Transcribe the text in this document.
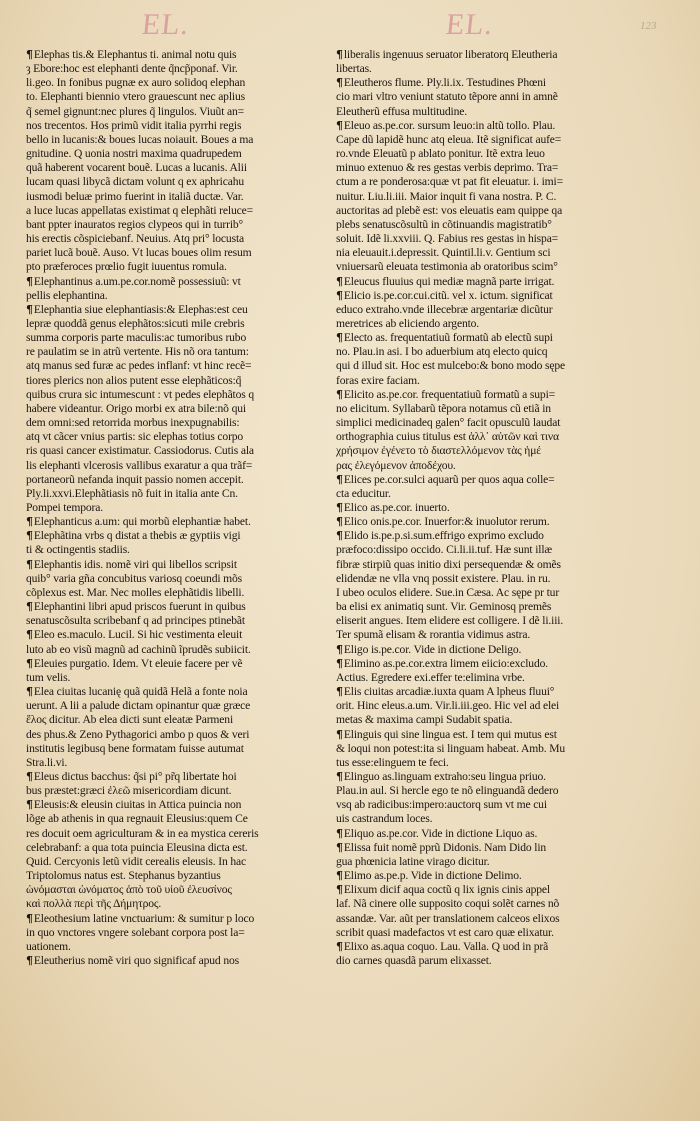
EL.	EL.	123

¶Elephas tis.& Elephantus ti. animal notu quis

ȝ Ebore:hoc est elephanti dente q̃ncp̃ponaf. Vir.

li.geo. In fonibus pugnæ ex auro solidoq elephan

to. Elephanti biennio vtero grauescunt nec aplius

q̃ semel gignunt:nec plures q̃ lingulos. Viuũt an=

nos trecentos. Hos primũ vidit italia pyrrhi regis

bello in lucanis:& boues lucas noiauit. Boues a ma

gnitudine. Q uonia nostri maxima quadrupedem

quã haberent vocarent bouẽ. Lucas a lucanis. Alii

lucam quasi libycã dictam volunt q ex aphricahu

iusmodi beluæ primo fuerint in italiã ductæ. Var.

a luce lucas appellatas existimat q elephãti reluce=

bant ppter inauratos regios clypeos qui in turrib°

his erectis cõspiciebanf. Neuius. Atq pri° locusta

pariet lucã bouẽ. Auso. Vt lucas boues olim resum

pto præferoces prœlio fugit iuuentus romula.

¶Elephantinus a.um.pe.cor.nomẽ possessiuũ: vt

pellis elephantina.

¶Elephantia siue elephantiasis:& Elephas:est ceu

lepræ quoddã genus elephãtos:sicuti mile crebris

summa corporis parte maculis:ac tumoribus rubo

re paulatim se in atrũ vertente. His nõ ora tantum:

atq manus sed furæ ac pedes inflanf: vt hinc recẽ=

tiores plerics non alios putent esse elephãticos:q̃

quibus crura sic intumescunt : vt pedes elephãtos q

habere videantur. Origo morbi ex atra bile:nõ qui

dem omni:sed retorrida morbus inexpugnabilis:

atq vt cãcer vnius partis: sic elephas totius corpo

ris quasi cancer existimatur. Cassiodorus. Cutis ala

lis elephanti vlcerosis vallibus exaratur a qua trãf=

portaneorũ nefanda inquit passio nomen accepit.

Ply.li.xxvi.Elephãtiasis nõ fuit in italia ante Cn.

Pompei tempora.

¶Elephanticus a.um: qui morbũ elephantiæ habet.

¶Elephãtina vrbs q distat a thebis æ gyptiis vigi

ti & octingentis stadiis.

¶Elephantis idis. nomẽ viri qui libellos scripsit

quib° varia gña concubitus variosq coeundi mõs

cõplexus est. Mar. Nec molles elephãtidis libelli.

¶Elephantini libri apud priscos fuerunt in quibus

senatuscõsulta scribebanf q ad principes ptinebãt

¶Eleo es.maculo. Lucil. Si hic vestimenta eleuit

luto ab eo visũ magnũ ad cachinũ ĩprudẽs subiicit.

¶Eleuies purgatio. Idem. Vt eleuie facere per vẽ

tum velis.

¶Elea ciuitas lucanię quã quidã Helã a fonte noia

uerunt. A lii a palude dictam opinantur quæ græce

ἕλος dicitur. Ab elea dicti sunt eleatæ Parmeni

des phus.& Zeno Pythagorici ambo p quos & veri

institutis legibusq bene formatam fuisse autumat

Stra.li.vi.

¶Eleus dictus bacchus: q̃si pi° pr̃q libertate hoi

bus præstet:græci ἐλεῶ misericordiam dicunt.

¶Eleusis:& eleusin ciuitas in Attica puincia non

lõge ab athenis in qua regnauit Eleusius:quem Ce

res docuit oem agriculturam & in ea mystica cereris

celebrabanf: a qua tota puincia Eleusina dicta est.

Quid. Cercyonis letũ vidit cerealis eleusis. In hac

Triptolomus natus est. Stephanus byzantius

ὠνόμασται ὡνόματος ἀπὸ τοῦ υἱοῦ ἐλευσίνος

καὶ πολλὰ περὶ τῆς Δήμητρος.

¶Eleothesium latine vnctuarium: & sumitur p loco

in quo vnctores vngere solebant corpora post la=

uationem.

¶Eleutherius nomẽ viri quo significaf apud nos

¶liberalis ingenuus seruator liberatorq Eleutheria

libertas.

¶Eleutheros flume. Ply.li.ix. Testudines Phœni

cio mari vltro veniunt statuto tẽpore anni in amnẽ

Eleutherũ effusa multitudine.

¶Eleuo as.pe.cor. sursum leuo:in altũ tollo. Plau.

Cape dũ lapidẽ hunc atq eleua. Itẽ significat aufe=

ro.vnde Eleuatũ p ablato ponitur. Itẽ extra leuo

minuo extenuo & res gestas verbis deprimo. Tra=

ctum a re ponderosa:quæ vt pat fit eleuatur. i. imi=

nuitur. Liu.li.iii. Maior inquit fi vana nostra. P. C.

auctoritas ad plebẽ est: vos eleuatis eam quippe qa

plebs senatuscõsultũ in cõtinuandis magistratib°

soluit. Idẽ li.xxviii. Q. Fabius res gestas in hispa=

nia eleuauit.i.depressit. Quintil.li.v. Gentium sci

vniuersarũ eleuata testimonia ab oratoribus scim°

¶Eleucus fluuius qui mediæ magnã parte irrigat.

¶Elicio is.pe.cor.cui.citũ. vel x. ictum. significat

educo extraho.vnde illecebræ argentariæ dicũtur

meretrices ab eliciendo argento.

¶Electo as. frequentatiuũ formatũ ab electũ supi

no. Plau.in asi. I bo aduerbium atq electo quicq

qui d illud sit. Hoc est mulcebo:& bono modo sępe

foras exire faciam.

¶Elicito as.pe.cor. frequentatiuũ formatũ a supi=

no elicitum. Syllabarũ tẽpora notamus cũ etiã in

simplici medicinadeq galen° facit opusculũ laudat

orthographia cuius titulus est ἀλλ᾽ αὐτῶν καὶ τινα

χρήσιμον ἐγένετο τὸ διαστελλόμενον τὰς ἡμέ

ρας ἐλεγόμενον ἀποδέχου.

¶Elices pe.cor.sulci aquarũ per quos aqua colle=

cta educitur.

¶Elico as.pe.cor. inuerto.

¶Elico onis.pe.cor. Inuerfor:& inuolutor rerum.

¶Elido is.pe.p.si.sum.effrigo exprimo excludo

præfoco:dissipo occido. Ci.li.ii.tuf. Hæ sunt illæ

fibræ stirpiũ quas initio dixi persequendæ & omẽs

elidendæ ne vlla vnq possit existere. Plau. in ru.

I ubeo oculos elidere. Sue.in Cæsa. Ac sępe pr tur

ba elisi ex animatiq sunt. Vir. Geminosq premẽs

eliserit angues. Item elidere est colligere. I dẽ li.iii.

Ter spumã elisam & rorantia vidimus astra.

¶Eligo is.pe.cor. Vide in dictione Deligo.

¶Elimino as.pe.cor.extra limem eiicio:excludo.

Actius. Egredere exi.effer te:elimina vrbe.

¶Elis ciuitas arcadiæ.iuxta quam A lpheus fluui°

orit. Hinc eleus.a.um. Vir.li.iii.geo. Hic vel ad elei

metas & maxima campi Sudabit spatia.

¶Elinguis qui sine lingua est. I tem qui mutus est

& loqui non potest:ita si linguam habeat. Amb. Mu

tus esse:elinguem te feci.

¶Elinguo as.linguam extraho:seu lingua priuo.

Plau.in aul. Si hercle ego te nõ elinguandã dedero

vsq ab radicibus:impero:auctorq sum vt me cui

uis castrandum loces.

¶Eliquo as.pe.cor. Vide in dictione Liquo as.

¶Elissa fuit nomẽ pprũ Didonis. Nam Dido lin

gua phœnicia latine virago dicitur.

¶Elimo as.pe.p. Vide in dictione Delimo.

¶Elixum dicif aqua coctũ q lix ignis cinis appel

laf. Nã cinere olle supposito coqui solẽt carnes nõ

assandæ. Var. aũt per translationem calceos elixos

scribit quasi madefactos vt est caro quæ elixatur.

¶Elixo as.aqua coquo. Lau. Valla. Q uod in prã

dio carnes quasdã parum elixasset.
